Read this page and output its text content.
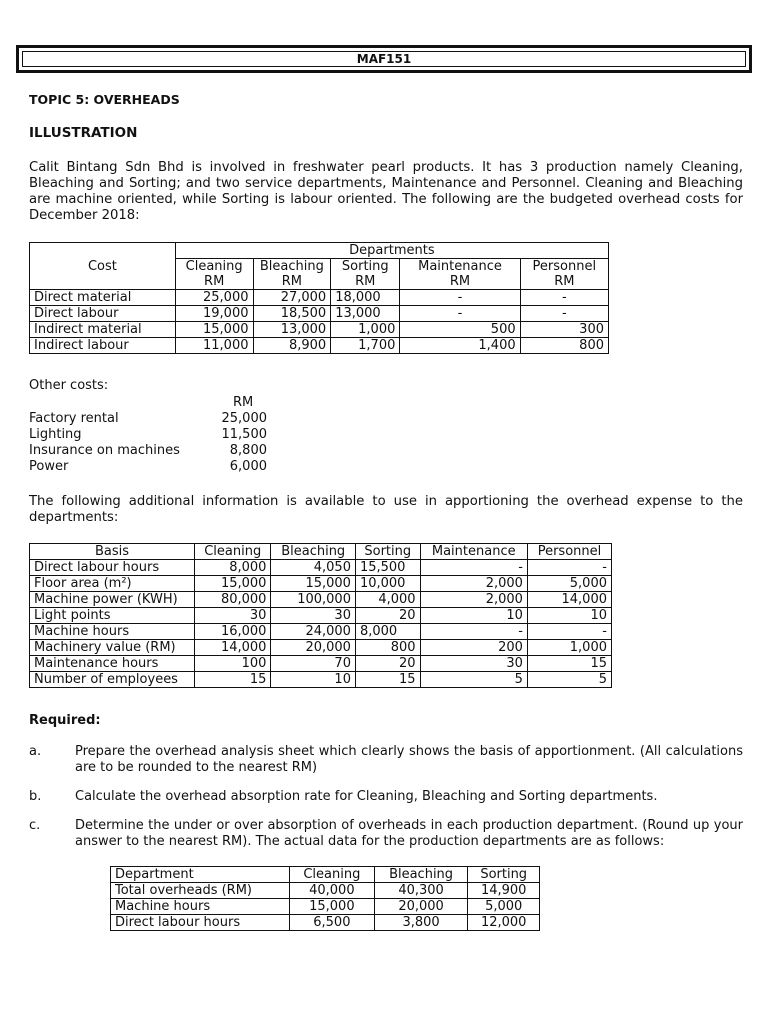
MAF151
TOPIC 5: OVERHEADS
ILLUSTRATION
Calit Bintang Sdn Bhd is involved in freshwater pearl products. It has 3 production namely Cleaning, Bleaching and Sorting; and two service departments, Maintenance and Personnel. Cleaning and Bleaching are machine oriented, while Sorting is labour oriented. The following are the budgeted overhead costs for December 2018:
Cost	Departments				
	Cleaning	Bleaching	Sorting	Maintenance	Personnel
	RM	RM	RM	RM	RM
Direct material	25,000	27,000	18,000	-	-
Direct labour	19,000	18,500	13,000	-	-
Indirect material	15,000	13,000	1,000	500	300
Indirect labour	11,000	8,900	1,700	1,400	800
Other costs:
RM
Factory rental	25,000
Lighting	11,500
Insurance on machines	8,800
Power	6,000
The following additional information is available to use in apportioning the overhead expense to the departments:
Basis	Cleaning	Bleaching	Sorting	Maintenance	Personnel
Direct labour hours	8,000	4,050	15,500	-	-
Floor area (m²)	15,000	15,000	10,000	2,000	5,000
Machine power (KWH)	80,000	100,000	4,000	2,000	14,000
Light points	30	30	20	10	10
Machine hours	16,000	24,000	8,000	-	-
Machinery value (RM)	14,000	20,000	800	200	1,000
Maintenance hours	100	70	20	30	15
Number of employees	15	10	15	5	5
Required:
a.	Prepare the overhead analysis sheet which clearly shows the basis of apportionment. (All calculations are to be rounded to the nearest RM)
b.	Calculate the overhead absorption rate for Cleaning, Bleaching and Sorting departments.
c.	Determine the under or over absorption of overheads in each production department. (Round up your answer to the nearest RM). The actual data for the production departments are as follows:
Department	Cleaning	Bleaching	Sorting
Total overheads (RM)	40,000	40,300	14,900
Machine hours	15,000	20,000	5,000
Direct labour hours	6,500	3,800	12,000
